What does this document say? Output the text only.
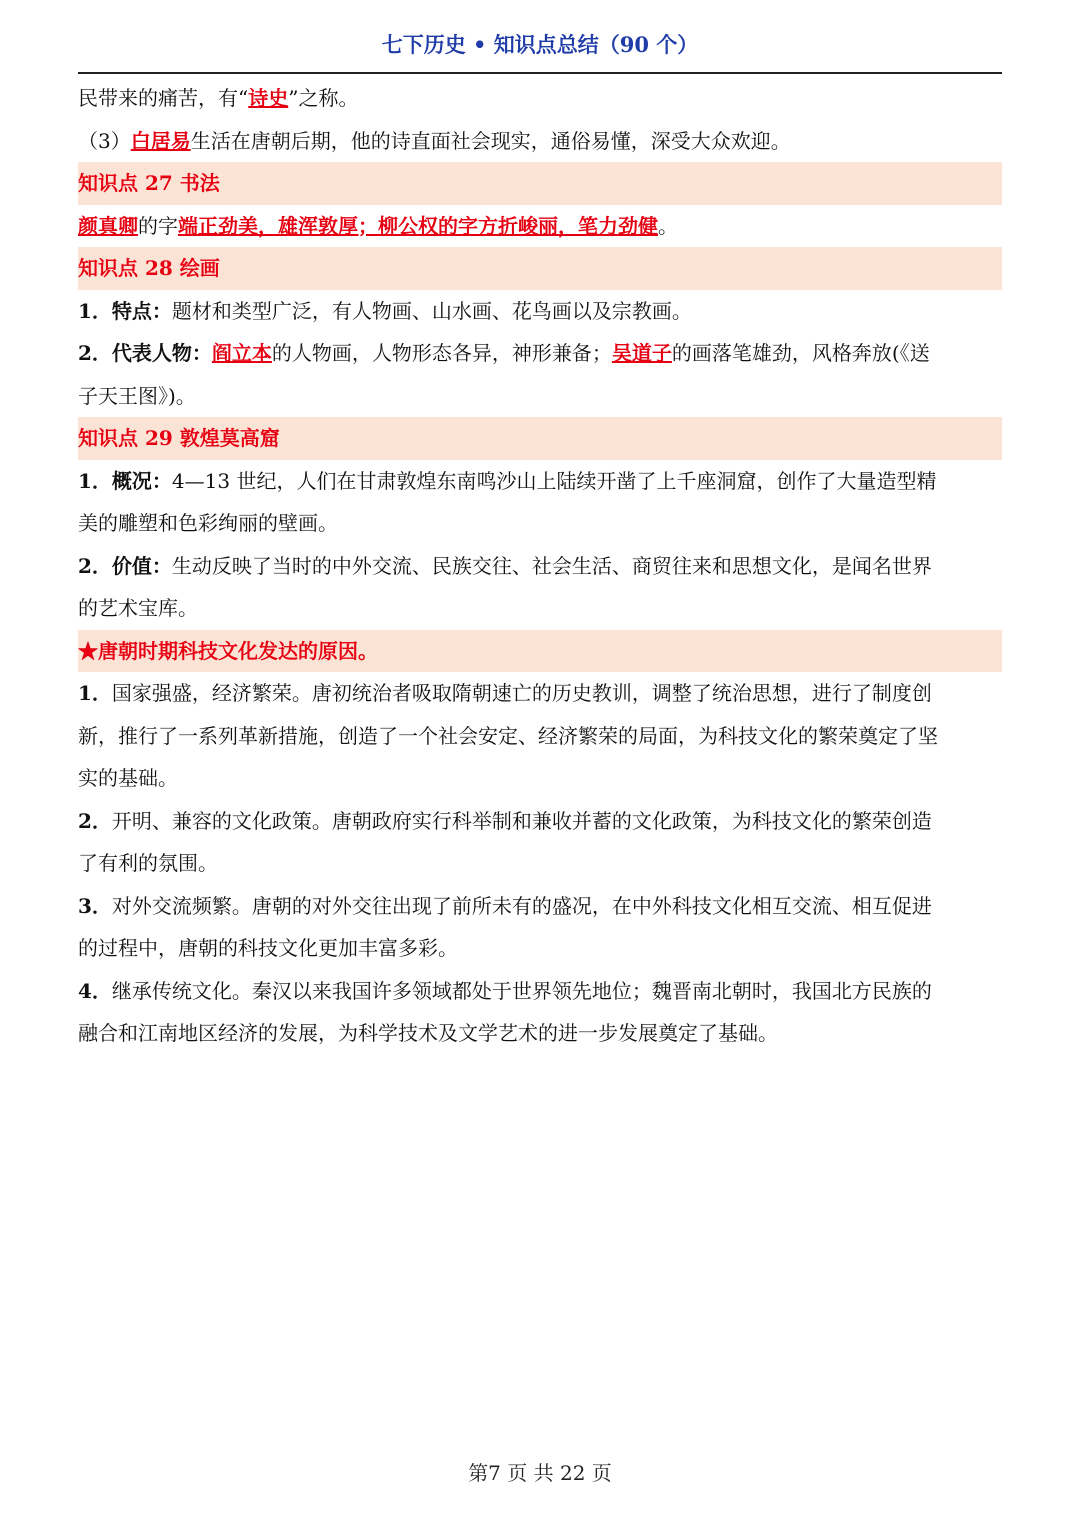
七下历史 • 知识点总结（90 个）
民带来的痛苦，有“诗史”之称。
（3）白居易生活在唐朝后期，他的诗直面社会现实，通俗易懂，深受大众欢迎。
知识点 27 书法
颜真卿的字端正劲美，雄浑敦厚；柳公权的字方折峻丽，笔力劲健。
知识点 28 绘画
1．特点：题材和类型广泛，有人物画、山水画、花鸟画以及宗教画。
2．代表人物：阎立本的人物画，人物形态各异，神形兼备；吴道子的画落笔雄劲，风格奔放(《送
子天王图》)。
知识点 29 敦煌莫高窟
1．概况：4—13 世纪，人们在甘肃敦煌东南鸣沙山上陆续开凿了上千座洞窟，创作了大量造型精
美的雕塑和色彩绚丽的壁画。
2．价值：生动反映了当时的中外交流、民族交往、社会生活、商贸往来和思想文化，是闻名世界
的艺术宝库。
★唐朝时期科技文化发达的原因。
1．国家强盛，经济繁荣。唐初统治者吸取隋朝速亡的历史教训，调整了统治思想，进行了制度创
新，推行了一系列革新措施，创造了一个社会安定、经济繁荣的局面，为科技文化的繁荣奠定了坚
实的基础。
2．开明、兼容的文化政策。唐朝政府实行科举制和兼收并蓄的文化政策，为科技文化的繁荣创造
了有利的氛围。
3．对外交流频繁。唐朝的对外交往出现了前所未有的盛况，在中外科技文化相互交流、相互促进
的过程中，唐朝的科技文化更加丰富多彩。
4．继承传统文化。秦汉以来我国许多领域都处于世界领先地位；魏晋南北朝时，我国北方民族的
融合和江南地区经济的发展，为科学技术及文学艺术的进一步发展奠定了基础。
第7 页 共 22 页
